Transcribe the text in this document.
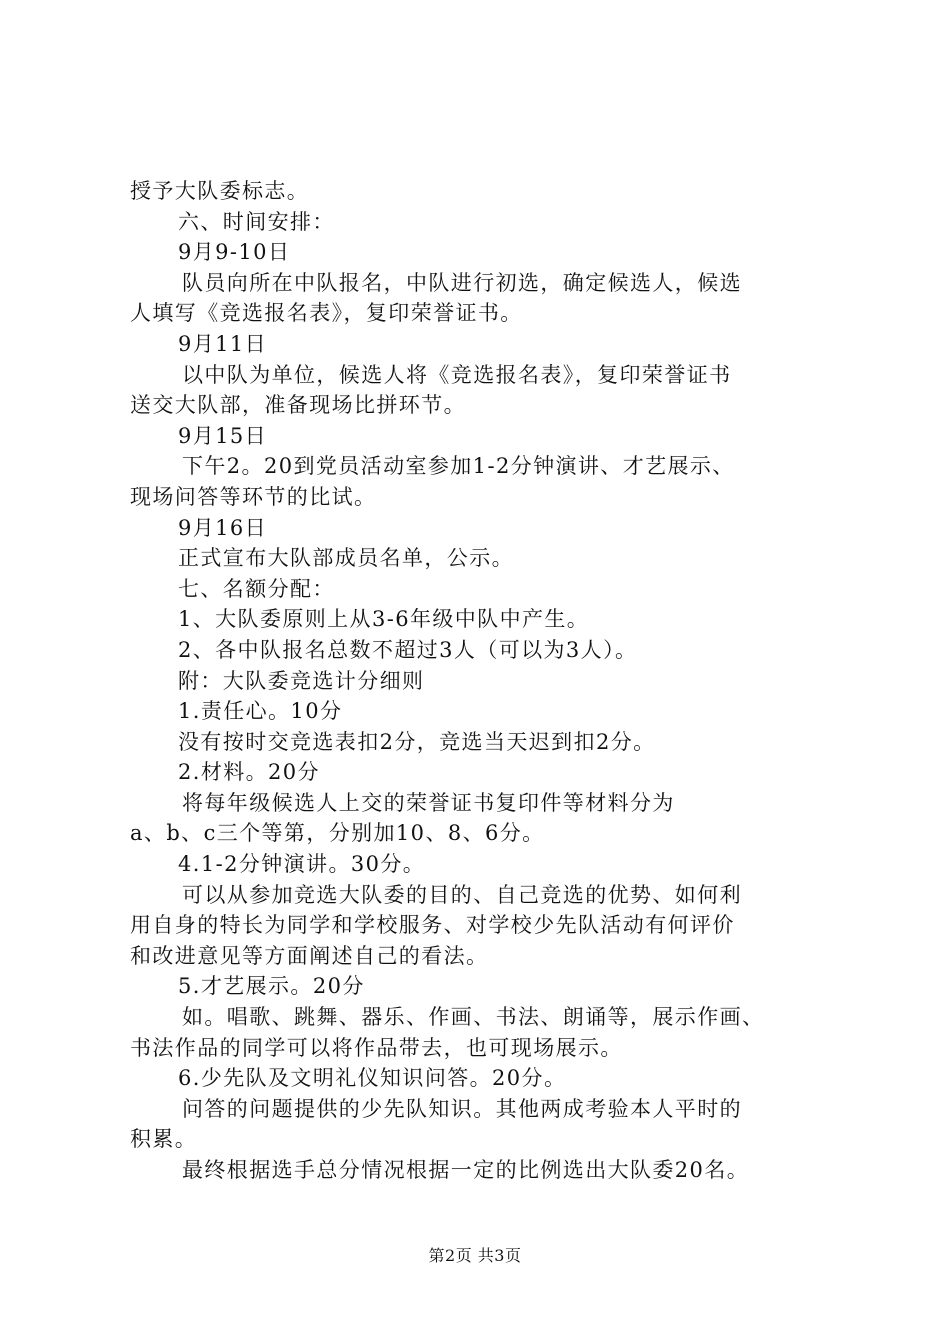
授予大队委标志。

六、时间安排：

9月9-10日

队员向所在中队报名，中队进行初选，确定候选人，候选

人填写《竞选报名表》，复印荣誉证书。

9月11日

以中队为单位，候选人将《竞选报名表》，复印荣誉证书

送交大队部，准备现场比拼环节。

9月15日

下午2。20到党员活动室参加1-2分钟演讲、才艺展示、

现场问答等环节的比试。

9月16日

正式宣布大队部成员名单，公示。

七、名额分配：

1、大队委原则上从3-6年级中队中产生。

2、各中队报名总数不超过3人（可以为3人）。

附：大队委竞选计分细则

1.责任心。10分

没有按时交竞选表扣2分，竞选当天迟到扣2分。

2.材料。20分

将每年级候选人上交的荣誉证书复印件等材料分为

a、b、c三个等第，分别加10、8、6分。

4.1-2分钟演讲。30分。

可以从参加竞选大队委的目的、自己竞选的优势、如何利

用自身的特长为同学和学校服务、对学校少先队活动有何评价

和改进意见等方面阐述自己的看法。

5.才艺展示。20分

如。唱歌、跳舞、器乐、作画、书法、朗诵等，展示作画、

书法作品的同学可以将作品带去，也可现场展示。

6.少先队及文明礼仪知识问答。20分。

问答的问题提供的少先队知识。其他两成考验本人平时的

积累。

最终根据选手总分情况根据一定的比例选出大队委20名。

第2页 共3页
